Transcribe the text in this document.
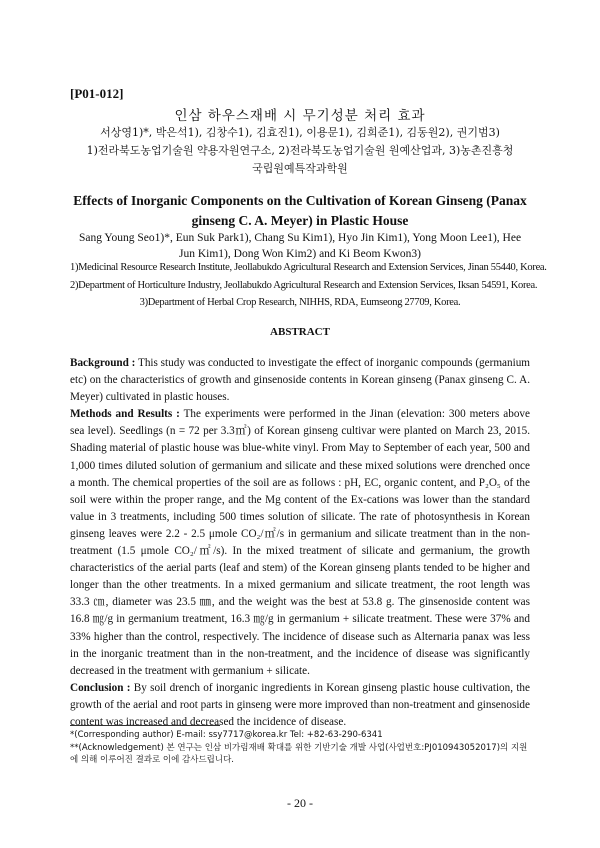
[P01-012]
인삼 하우스재배 시 무기성분 처리 효과
서상영1)*, 박은석1), 김창수1), 김효진1), 이용문1), 김희준1), 김동원2), 권기범3)
1)전라북도농업기술원 약용자원연구소, 2)전라북도농업기술원 원예산업과, 3)농촌진흥청
국립원예특작과학원
Effects of Inorganic Components on the Cultivation of Korean Ginseng (Panax
ginseng C. A. Meyer) in Plastic House
Sang Young Seo1)*, Eun Suk Park1), Chang Su Kim1), Hyo Jin Kim1), Yong Moon Lee1), Hee
Jun Kim1), Dong Won Kim2) and Ki Beom Kwon3)
1)Medicinal Resource Research Institute, Jeollabukdo Agricultural Research and Extension Services, Jinan 55440, Korea.
2)Department of Horticulture Industry, Jeollabukdo Agricultural Research and Extension Services, Iksan 54591, Korea.
3)Department of Herbal Crop Research, NIHHS, RDA, Eumseong 27709, Korea.
ABSTRACT

Background : This study was conducted to investigate the effect of inorganic compounds (germanium etc) on the characteristics of growth and ginsenoside contents in Korean ginseng (Panax ginseng C. A. Meyer) cultivated in plastic houses.

Methods and Results : The experiments were performed in the Jinan (elevation: 300 meters above sea level). Seedlings (n = 72 per 3.3㎡) of Korean ginseng cultivar were planted on March 23, 2015. Shading material of plastic house was blue-white vinyl. From May to September of each year, 500 and 1,000 times diluted solution of germanium and silicate and these mixed solutions were drenched once a month. The chemical properties of the soil are as follows : pH, EC, organic content, and P₂O₅ of the soil were within the proper range, and the Mg content of the Ex-cations was lower than the standard value in 3 treatments, including 500 times solution of silicate. The rate of photosynthesis in Korean ginseng leaves were 2.2 - 2.5 μmole CO₂/㎡/s in germanium and silicate treatment than in the non-treatment (1.5 μmole CO₂/㎡/s). In the mixed treatment of silicate and germanium, the growth characteristics of the aerial parts (leaf and stem) of the Korean ginseng plants tended to be higher and longer than the other treatments. In a mixed germanium and silicate treatment, the root length was 33.3 ㎝, diameter was 23.5 ㎜, and the weight was the best at 53.8 g. The ginsenoside content was 16.8 ㎎/g in germanium treatment, 16.3 ㎎/g in germanium + silicate treatment. These were 37% and 33% higher than the control, respectively. The incidence of disease such as Alternaria panax was less in the inorganic treatment than in the non-treatment, and the incidence of disease was significantly decreased in the treatment with germanium + silicate.

Conclusion : By soil drench of inorganic ingredients in Korean ginseng plastic house cultivation, the growth of the aerial and root parts in ginseng were more improved than non-treatment and ginsenoside content was increased and decreased the incidence of disease.

*(Corresponding author) E-mail: ssy7717@korea.kr Tel: +82-63-290-6341
**(Acknowledgement) 본 연구는 인삼 비가림재배 확대를 위한 기반기술 개발 사업(사업번호:PJ010943052017)의 지원에 의해 이루어진 결과로 이에 감사드립니다.
- 20 -
